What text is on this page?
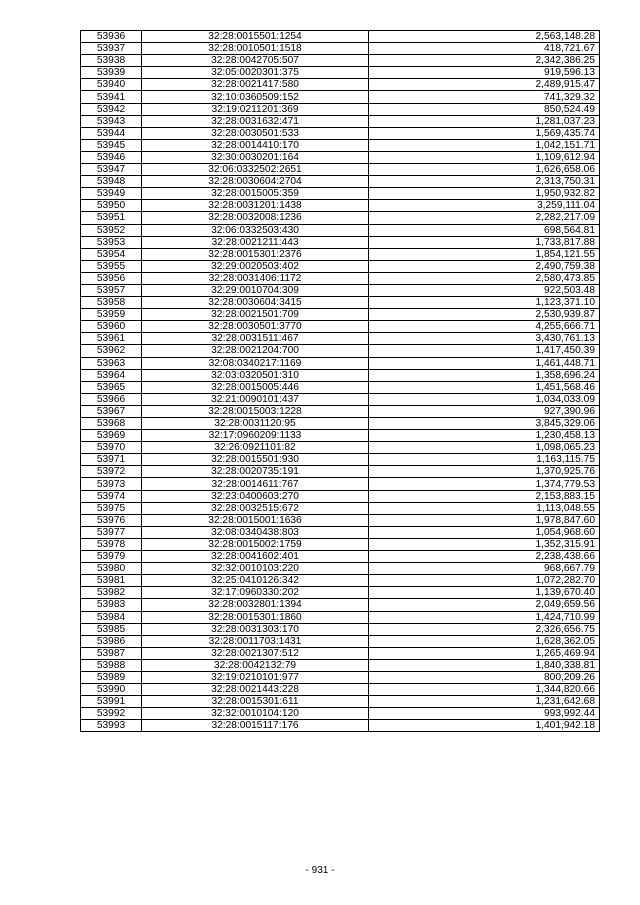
53936	32:28:0015501:1254	2,563,148.28
53937	32:28:0010501:1518	418,721.67
53938	32:28:0042705:507	2,342,386.25
53939	32:05:0020301:375	919,596.13
53940	32:28:0021417:580	2,489,915.47
53941	32:10:0360509:152	741,329.32
53942	32:19:0211201:369	850,524.49
53943	32:28:0031632:471	1,281,037.23
53944	32:28:0030501:533	1,569,435.74
53945	32:28:0014410:170	1,042,151.71
53946	32:30:0030201:164	1,109,612.94
53947	32:06:0332502:2651	1,626,658.06
53948	32:28:0030604:2704	2,313,750.31
53949	32:28:0015005:359	1,950,932.82
53950	32:28:0031201:1438	3,259,111.04
53951	32:28:0032008:1236	2,282,217.09
53952	32:06:0332503:430	698,564.81
53953	32:28:0021211:443	1,733,817.88
53954	32:28:0015301:2376	1,854,121.55
53955	32:29:0020503:402	2,490,759.38
53956	32:28:0031406:1172	2,580,473.85
53957	32:29:0010704:309	922,503.48
53958	32:28:0030604:3415	1,123,371.10
53959	32:28:0021501:709	2,530,939.87
53960	32:28:0030501:3770	4,255,666.71
53961	32:28:0031511:467	3,430,761.13
53962	32:28:0021204:700	1,417,450.39
53963	32:08:0340217:1169	1,461,448.71
53964	32:03:0320501:310	1,358,696.24
53965	32:28:0015005:446	1,451,568.46
53966	32:21:0090101:437	1,034,033.09
53967	32:28:0015003:1228	927,390.96
53968	32:28:0031120:95	3,845,329.06
53969	32:17:0960209:1133	1,230,458.13
53970	32:26:0921101:82	1,098,065.23
53971	32:28:0015501:930	1,163,115.75
53972	32:28:0020735:191	1,370,925.76
53973	32:28:0014611:767	1,374,779.53
53974	32:23:0400603:270	2,153,883.15
53975	32:28:0032515:672	1,113,048.55
53976	32:28:0015001:1636	1,978,847.60
53977	32:08:0340438:803	1,054,968.60
53978	32:28:0015002:1759	1,352,315.91
53979	32:28:0041602:401	2,238,438.66
53980	32:32:0010103:220	968,667.79
53981	32:25:0410126:342	1,072,282.70
53982	32:17:0960330:202	1,139,670.40
53983	32:28:0032801:1394	2,049,659.56
53984	32:28:0015301:1860	1,424,710.99
53985	32:28:0031303:170	2,326,656.75
53986	32:28:0011703:1431	1,628,362.05
53987	32:28:0021307:512	1,265,469.94
53988	32:28:0042132:79	1,840,338.81
53989	32:19:0210101:977	800,209.26
53990	32:28:0021443:228	1,344,820.66
53991	32:28:0015301:611	1,231,642.68
53992	32:32:0010104:120	993,992.44
53993	32:28:0015117:176	1,401,942.18
- 931 -
